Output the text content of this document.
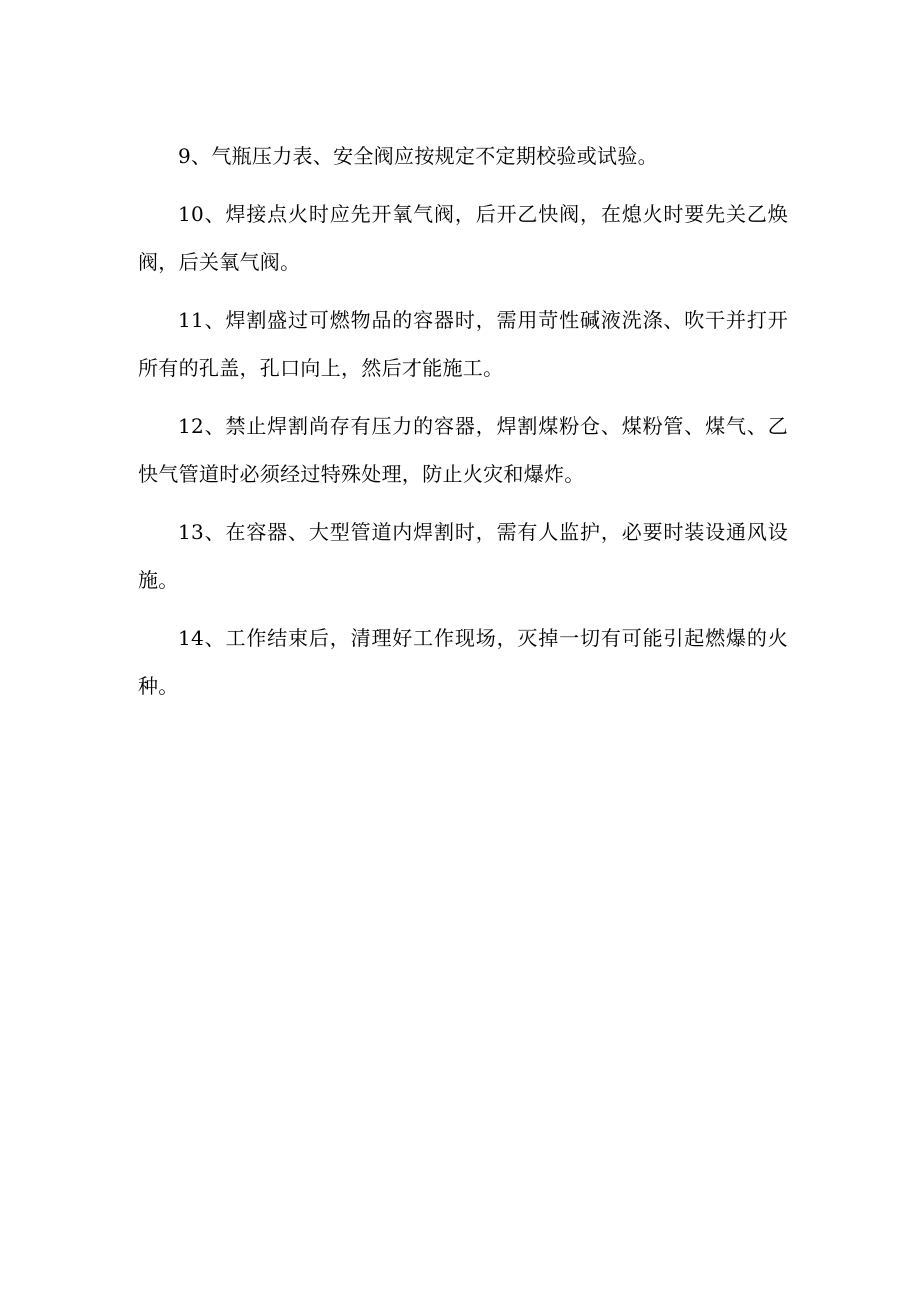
9、气瓶压力表、安全阀应按规定不定期校验或试验。

10、焊接点火时应先开氧气阀，后开乙快阀，在熄火时要先关乙焕阀，后关氧气阀。

11、焊割盛过可燃物品的容器时，需用苛性碱液洗涤、吹干并打开所有的孔盖，孔口向上，然后才能施工。

12、禁止焊割尚存有压力的容器，焊割煤粉仓、煤粉管、煤气、乙快气管道时必须经过特殊处理，防止火灾和爆炸。

13、在容器、大型管道内焊割时，需有人监护，必要时装设通风设施。

14、工作结束后，清理好工作现场，灭掉一切有可能引起燃爆的火种。
